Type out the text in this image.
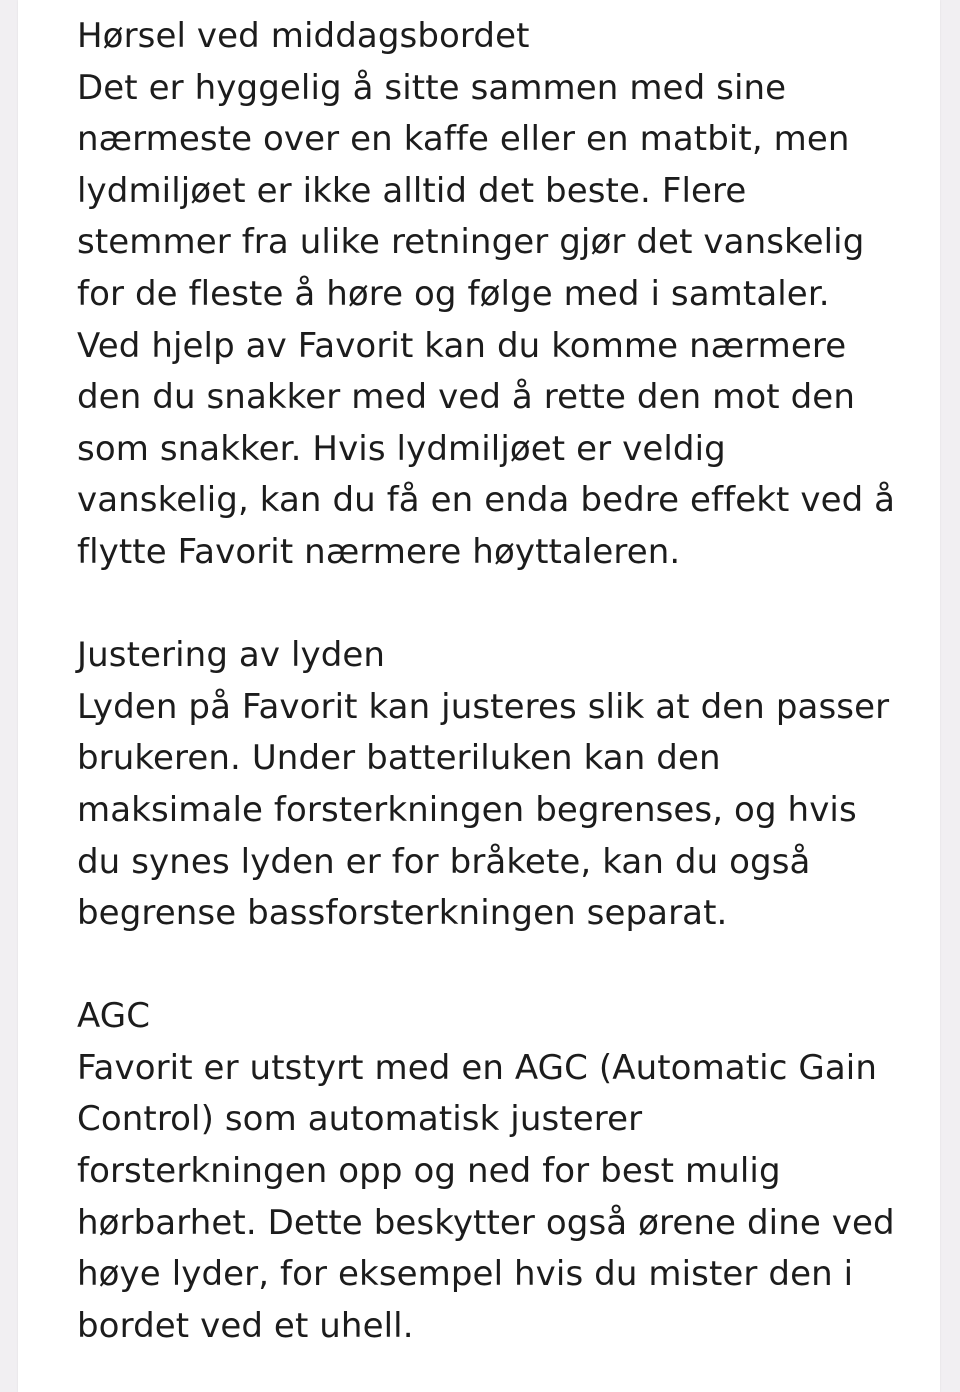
Hørsel ved middagsbordet
Det er hyggelig å sitte sammen med sine
nærmeste over en kaffe eller en matbit, men
lydmiljøet er ikke alltid det beste. Flere
stemmer fra ulike retninger gjør det vanskelig
for de fleste å høre og følge med i samtaler.
Ved hjelp av Favorit kan du komme nærmere
den du snakker med ved å rette den mot den
som snakker. Hvis lydmiljøet er veldig
vanskelig, kan du få en enda bedre effekt ved å
flytte Favorit nærmere høyttaleren.
Justering av lyden
Lyden på Favorit kan justeres slik at den passer
brukeren. Under batteriluken kan den
maksimale forsterkningen begrenses, og hvis
du synes lyden er for bråkete, kan du også
begrense bassforsterkningen separat.
AGC
Favorit er utstyrt med en AGC (Automatic Gain
Control) som automatisk justerer
forsterkningen opp og ned for best mulig
hørbarhet. Dette beskytter også ørene dine ved
høye lyder, for eksempel hvis du mister den i
bordet ved et uhell.
